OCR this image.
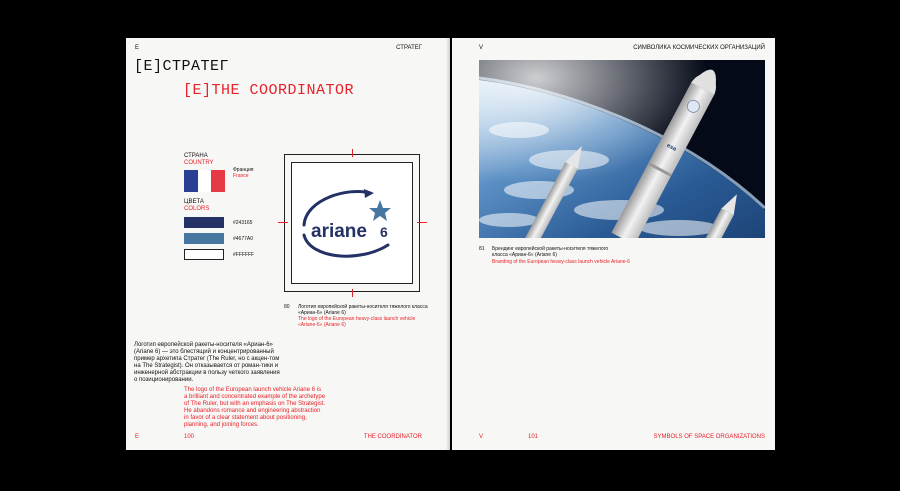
E	СТРАТЕГ
[Е]СТРАТЕГ
[E]THE COORDINATOR
СТРАНА
COUNTRY
Франция
France
ЦВЕТА
COLORS
#243165
#4677A0
#FFFFFF
ariane 6
80 Логотип европейской ракеты-носителя тяжелого класса «Ариан-6» (Ariane 6)
The logo of the European heavy-class launch vehicle «Ariane-6» (Ariane 6)
Логотип европейской ракеты-носителя «Ариан-6» (Ariane 6) — это блестящий и концентрированный пример архетипа Стратег (The Ruler, но с акцен-том на The Strategist). Он отказывается от роман-тики и инженерной абстракции в пользу четкого заявления о позиционировании.
The logo of the European launch vehicle Ariane 6 is a brilliant and concentrated example of the archetype of The Ruler, but with an emphasis on The Strategist. He abandons romance and engineering abstraction in favor of a clear statement about positioning, planning, and joining forces.
E	100	THE COORDINATOR
V	СИМВОЛИКА КОСМИЧЕСКИХ ОРГАНИЗАЦИЙ
esa
81 Брендинг европейской ракеты-носителя тяжелого класса «Ариан-6» (Ariane 6)
Branding of the European heavy-class launch vehicle Ariane-6
V	101	SYMBOLS OF SPACE ORGANIZATIONS
